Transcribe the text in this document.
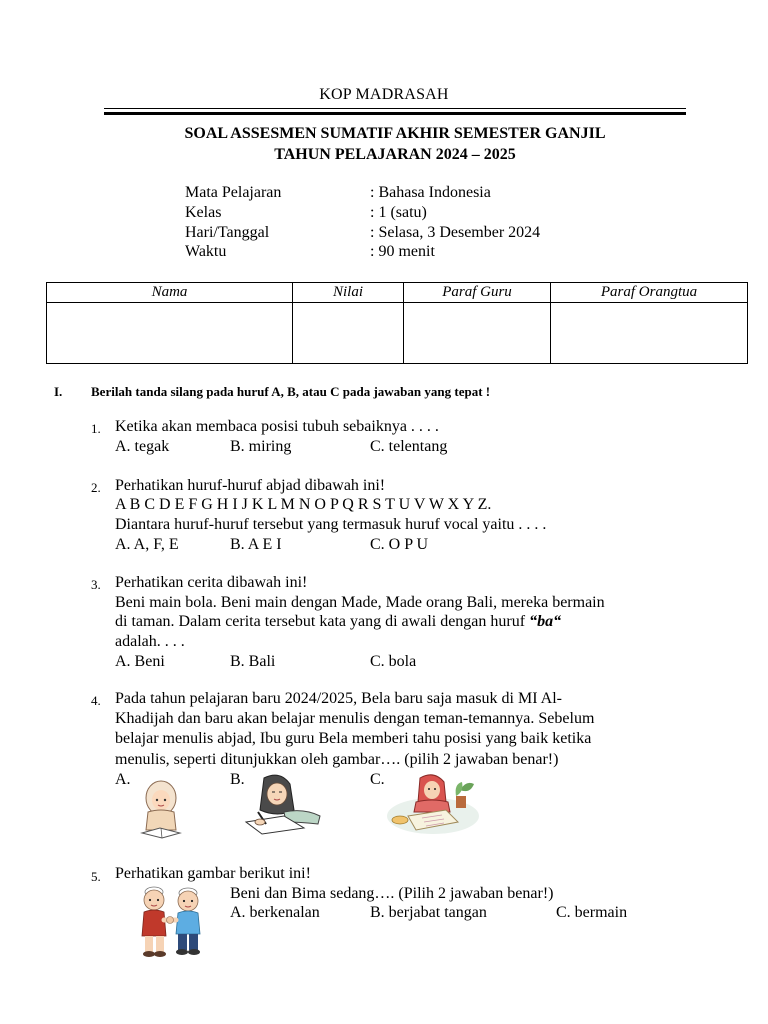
KOP MADRASAH
SOAL ASSESMEN SUMATIF AKHIR SEMESTER GANJIL
TAHUN PELAJARAN 2024 – 2025
Mata Pelajaran	: Bahasa Indonesia
Kelas	: 1 (satu)
Hari/Tanggal	: Selasa, 3 Desember 2024
Waktu	: 90 menit
Nama	Nilai	Paraf Guru	Paraf Orangtua

I. Berilah tanda silang pada huruf A, B, atau C pada jawaban yang tepat !
1. Ketika akan membaca posisi tubuh sebaiknya . . . .
A. tegak	B. miring	C. telentang
2. Perhatikan huruf-huruf abjad dibawah ini!
A B C D E F G H I J K L M N O P Q R S T U V W X Y Z.
Diantara huruf-huruf tersebut yang termasuk huruf vocal yaitu . . . .
A. A, F, E	B. A E I	C. O P U
3. Perhatikan cerita dibawah ini!
Beni main bola. Beni main dengan Made, Made orang Bali, mereka bermain
di taman. Dalam cerita tersebut kata yang di awali dengan huruf “ba“
adalah. . . .
A. Beni	B. Bali	C. bola
4. Pada tahun pelajaran baru 2024/2025, Bela baru saja masuk di MI Al-
Khadijah dan baru akan belajar menulis dengan teman-temannya. Sebelum
belajar menulis abjad, Ibu guru Bela memberi tahu posisi yang baik ketika
menulis, seperti ditunjukkan oleh gambar…. (pilih 2 jawaban benar!)
A.	B.	C.
5. Perhatikan gambar berikut ini!
Beni dan Bima sedang…. (Pilih 2 jawaban benar!)
A. berkenalan	B. berjabat tangan	C. bermain
